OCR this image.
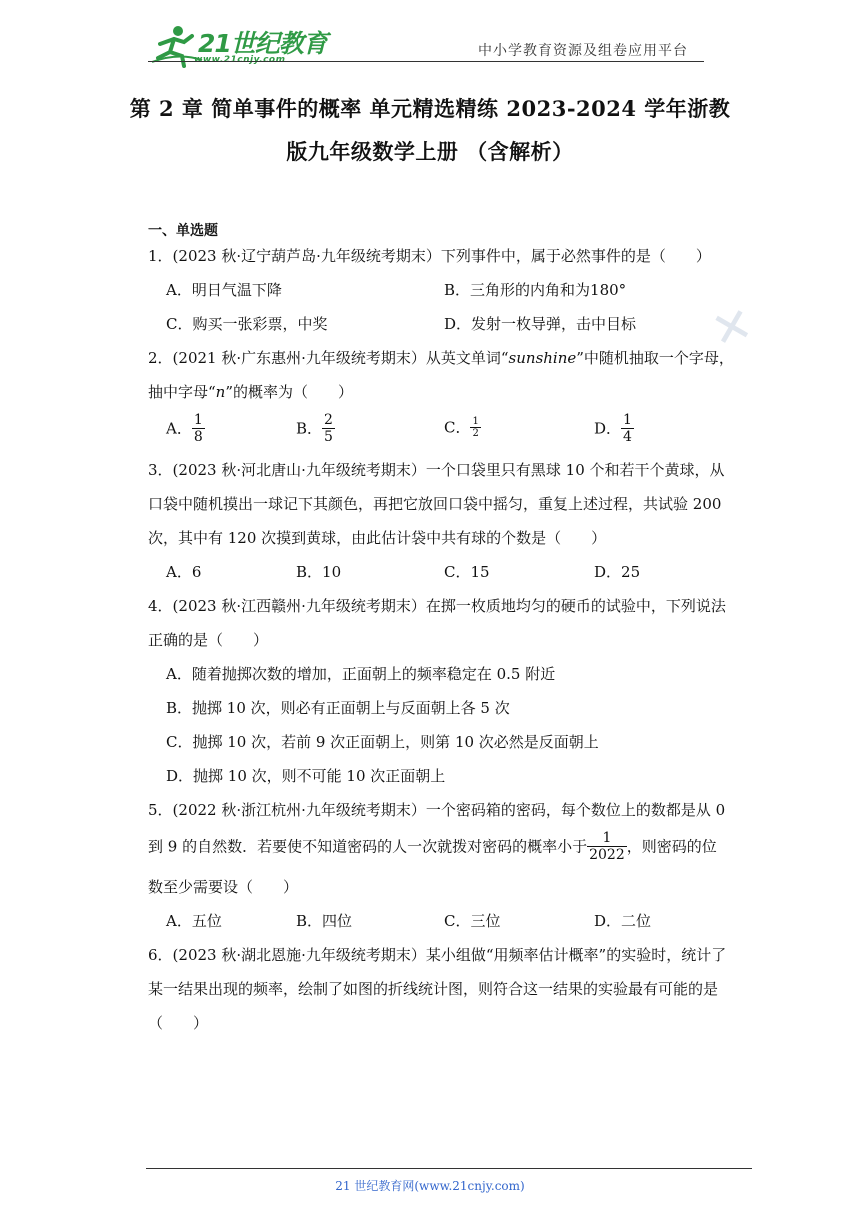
21世纪教育
www.21cnjy.com
中小学教育资源及组卷应用平台
✕
第 2 章 简单事件的概率 单元精选精练 2023-2024 学年浙教
版九年级数学上册 （含解析）
一、单选题
1．(2023 秋·辽宁葫芦岛·九年级统考期末）下列事件中，属于必然事件的是（　　）
A．明日气温下降	B．三角形的内角和为180°
C．购买一张彩票，中奖	D．发射一枚导弹，击中目标
2．(2021 秋·广东惠州·九年级统考期末）从英文单词“sunshine”中随机抽取一个字母，
抽中字母“n”的概率为（　　）
A． $\frac{1}{8}$	B． $\frac{2}{5}$	C． $\frac{1}{2}$	D． $\frac{1}{4}$
3．(2023 秋·河北唐山·九年级统考期末）一个口袋里只有黑球 10 个和若干个黄球，从
口袋中随机摸出一球记下其颜色，再把它放回口袋中摇匀，重复上述过程，共试验 200
次，其中有 120 次摸到黄球，由此估计袋中共有球的个数是（　　）
A．6	B．10	C．15	D．25
4．(2023 秋·江西赣州·九年级统考期末）在掷一枚质地均匀的硬币的试验中，下列说法
正确的是（　　）
A．随着抛掷次数的增加，正面朝上的频率稳定在 0.5 附近
B．抛掷 10 次，则必有正面朝上与反面朝上各 5 次
C．抛掷 10 次，若前 9 次正面朝上，则第 10 次必然是反面朝上
D．抛掷 10 次，则不可能 10 次正面朝上
5．(2022 秋·浙江杭州·九年级统考期末）一个密码箱的密码，每个数位上的数都是从 0
到 9 的自然数．若要使不知道密码的人一次就拨对密码的概率小于 $\frac{1}{2022}$ ，则密码的位
数至少需要设（　　）
A．五位	B．四位	C．三位	D．二位
6．(2023 秋·湖北恩施·九年级统考期末）某小组做“用频率估计概率”的实验时，统计了
某一结果出现的频率，绘制了如图的折线统计图，则符合这一结果的实验最有可能的是
（　　）
21 世纪教育网(www.21cnjy.com)
